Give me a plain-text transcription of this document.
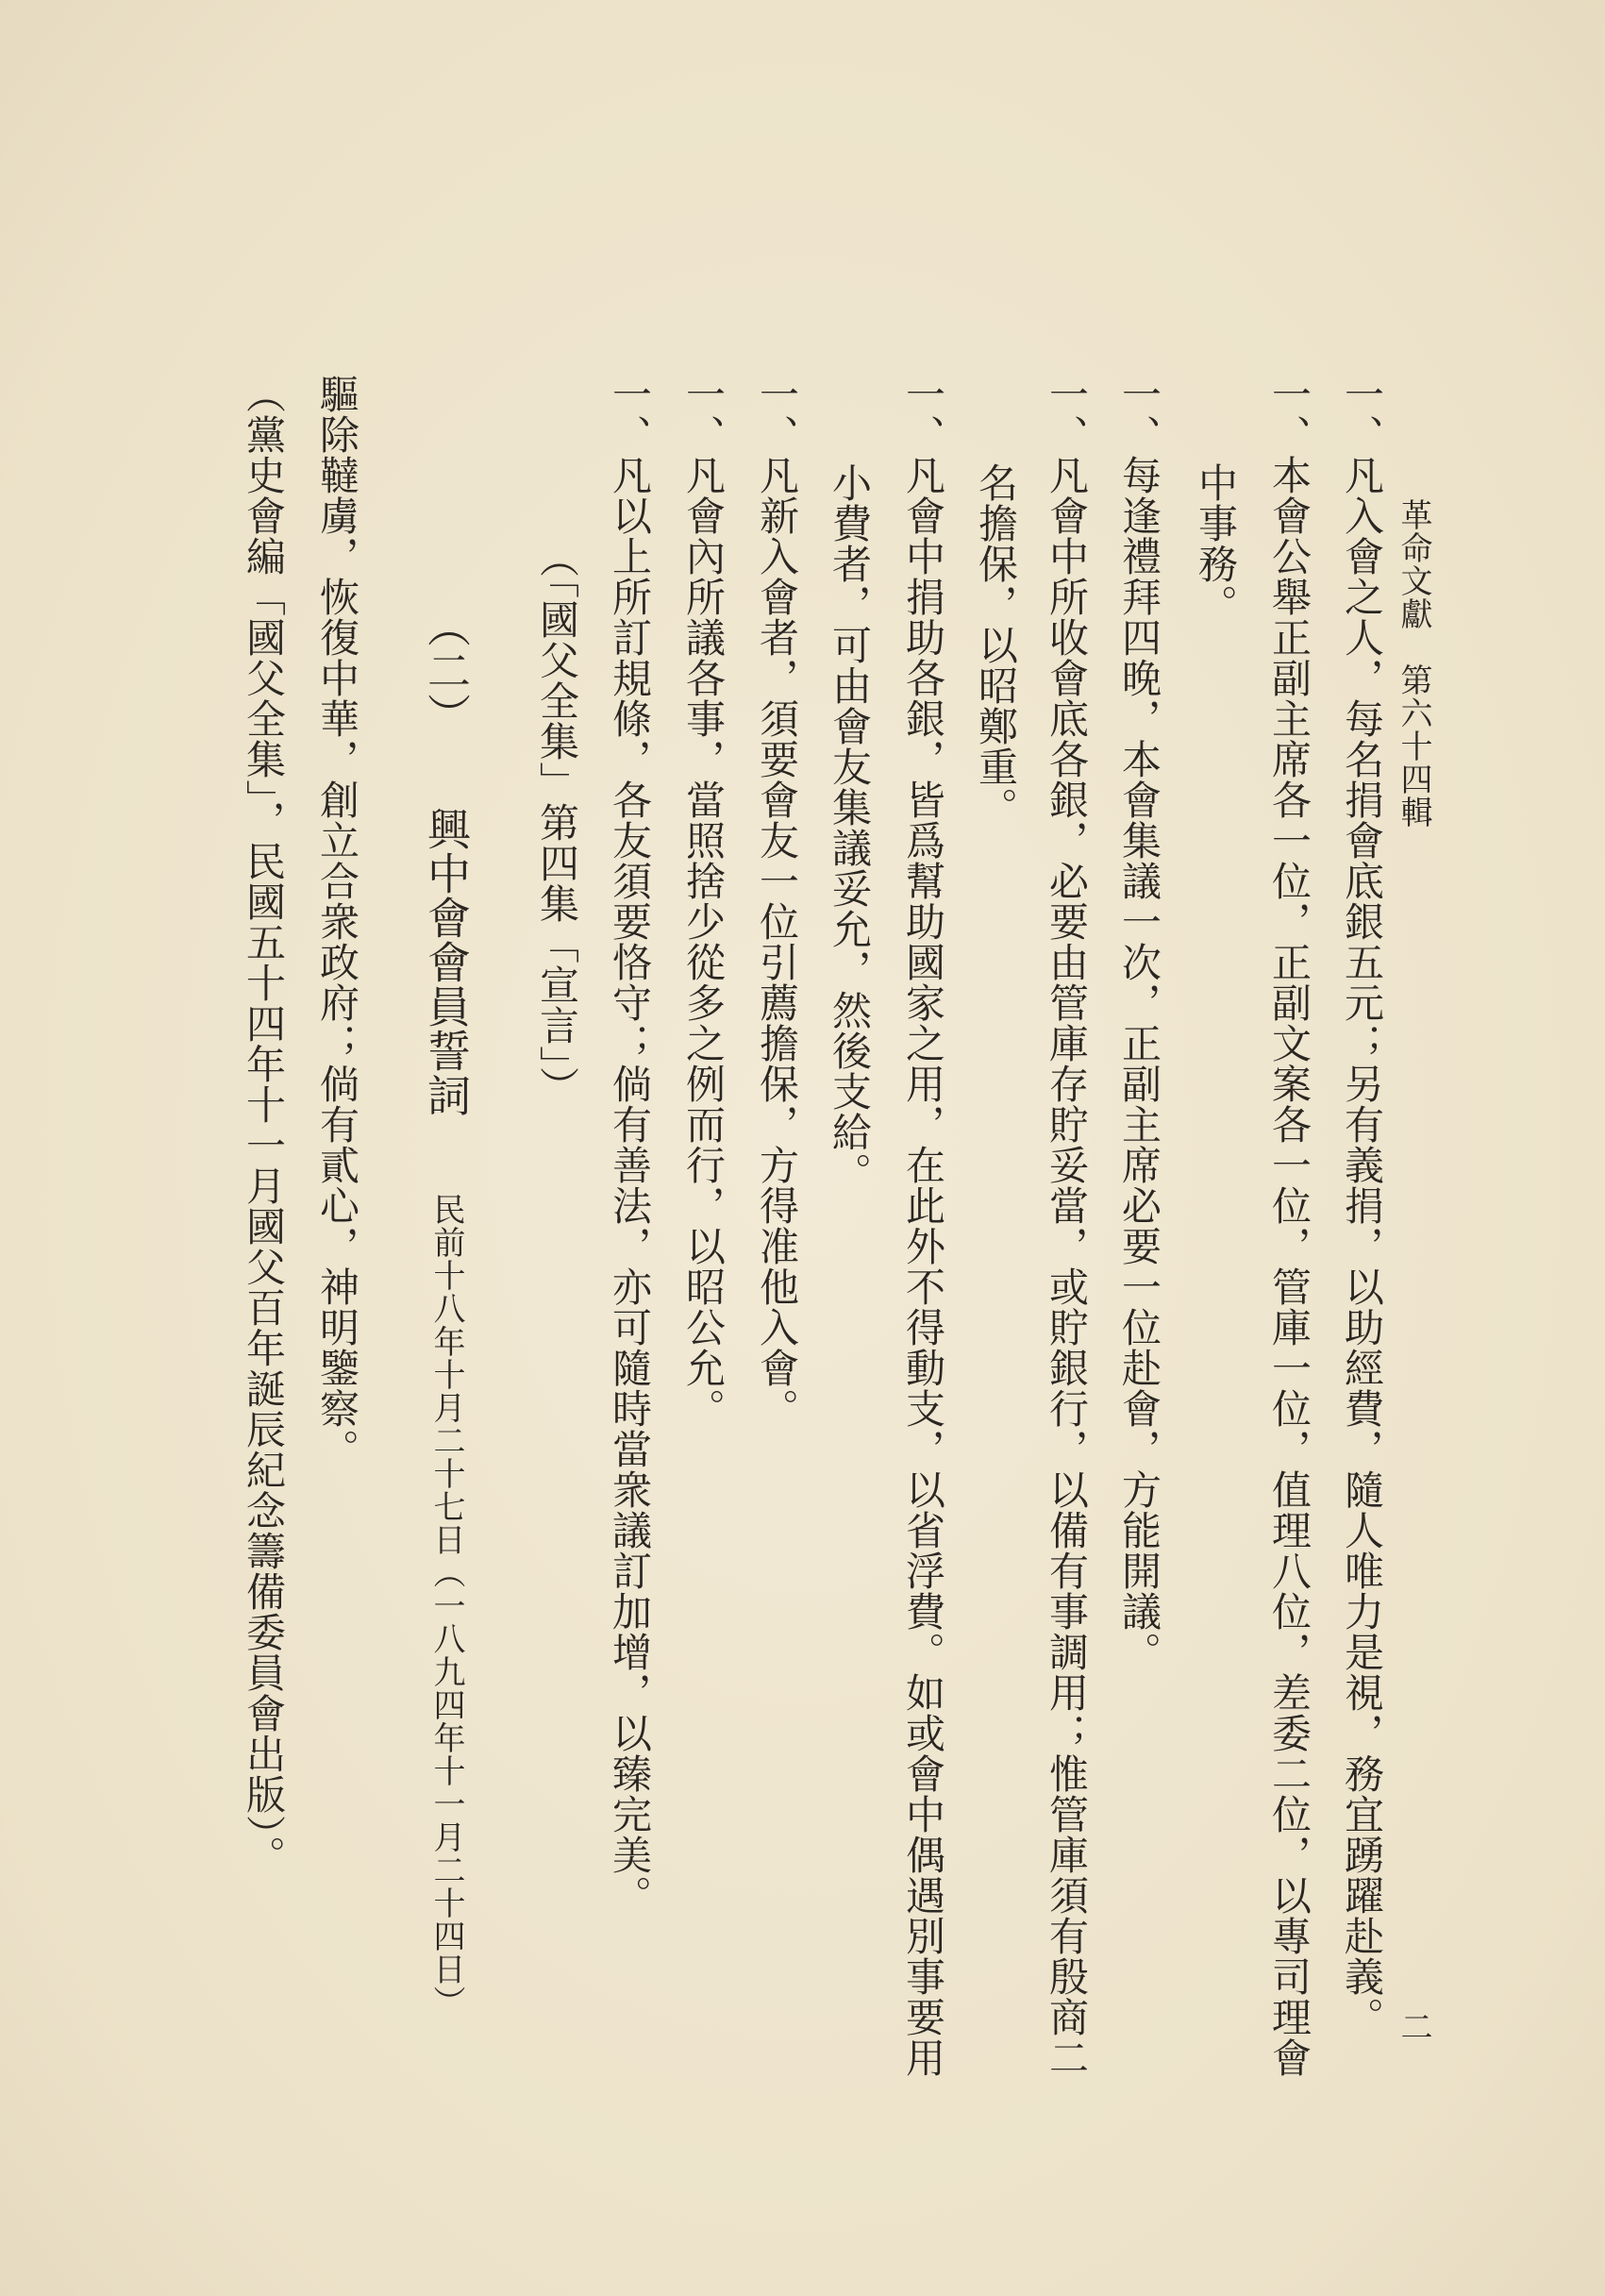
革命文獻　第六十四輯
二
一、凡入會之人，每名捐會底銀五元；另有義捐，以助經費，隨人唯力是視，務宜踴躍赴義。
一、本會公舉正副主席各一位，正副文案各一位，管庫一位，值理八位，差委二位，以專司理會
中事務。
一、每逢禮拜四晚，本會集議一次，正副主席必要一位赴會，方能開議。
一、凡會中所收會底各銀，必要由管庫存貯妥當，或貯銀行，以備有事調用；惟管庫須有殷商二
名擔保，以昭鄭重。
一、凡會中捐助各銀，皆爲幫助國家之用，在此外不得動支，以省浮費。如或會中偶遇別事要用
小費者，可由會友集議妥允，然後支給。
一、凡新入會者，須要會友一位引薦擔保，方得准他入會。
一、凡會內所議各事，當照捨少從多之例而行，以昭公允。
一、凡以上所訂規條，各友須要恪守；倘有善法，亦可隨時當衆議訂加增，以臻完美。
（「國父全集」第四集「宣言」）
（二） 興中會會員誓詞 民前十八年十月二十七日（一八九四年十一月二十四日）
驅除韃虜，恢復中華，創立合衆政府；倘有貳心，神明鑒察。
（黨史會編「國父全集」，民國五十四年十一月國父百年誕辰紀念籌備委員會出版）。
